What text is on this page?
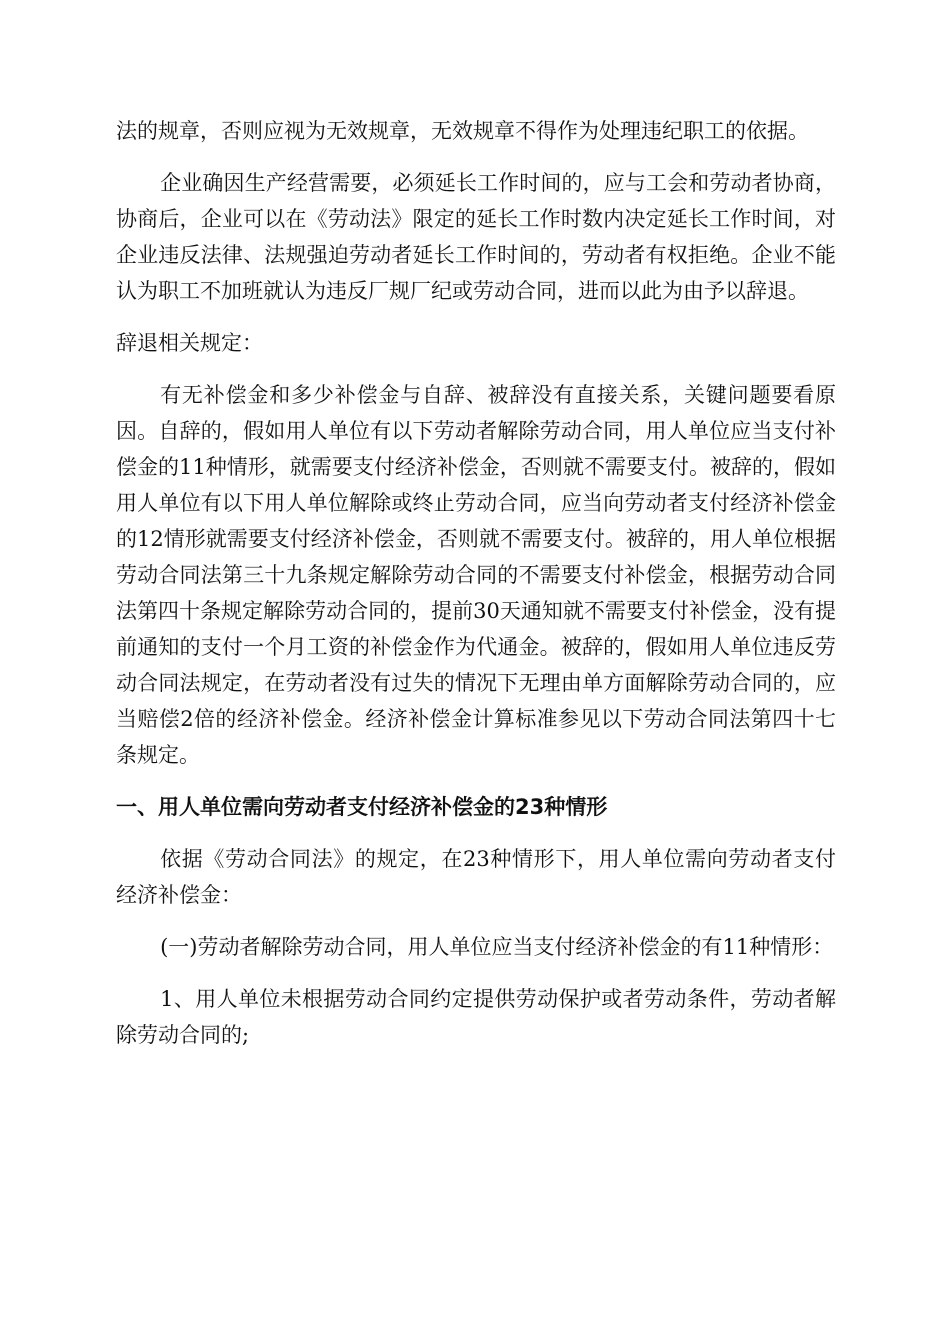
法的规章，否则应视为无效规章，无效规章不得作为处理违纪职工的依据。

企业确因生产经营需要，必须延长工作时间的，应与工会和劳动者协商，协商后，企业可以在《劳动法》限定的延长工作时数内决定延长工作时间，对企业违反法律、法规强迫劳动者延长工作时间的，劳动者有权拒绝。企业不能认为职工不加班就认为违反厂规厂纪或劳动合同，进而以此为由予以辞退。

辞退相关规定：

有无补偿金和多少补偿金与自辞、被辞没有直接关系，关键问题要看原因。自辞的，假如用人单位有以下劳动者解除劳动合同，用人单位应当支付补偿金的11种情形，就需要支付经济补偿金，否则就不需要支付。被辞的，假如用人单位有以下用人单位解除或终止劳动合同，应当向劳动者支付经济补偿金的12情形就需要支付经济补偿金，否则就不需要支付。被辞的，用人单位根据劳动合同法第三十九条规定解除劳动合同的不需要支付补偿金，根据劳动合同法第四十条规定解除劳动合同的，提前30天通知就不需要支付补偿金，没有提前通知的支付一个月工资的补偿金作为代通金。被辞的，假如用人单位违反劳动合同法规定，在劳动者没有过失的情况下无理由单方面解除劳动合同的，应当赔偿2倍的经济补偿金。经济补偿金计算标准参见以下劳动合同法第四十七条规定。

一、用人单位需向劳动者支付经济补偿金的23种情形

依据《劳动合同法》的规定，在23种情形下，用人单位需向劳动者支付经济补偿金：

(一)劳动者解除劳动合同，用人单位应当支付经济补偿金的有11种情形：

1、用人单位未根据劳动合同约定提供劳动保护或者劳动条件，劳动者解除劳动合同的;
